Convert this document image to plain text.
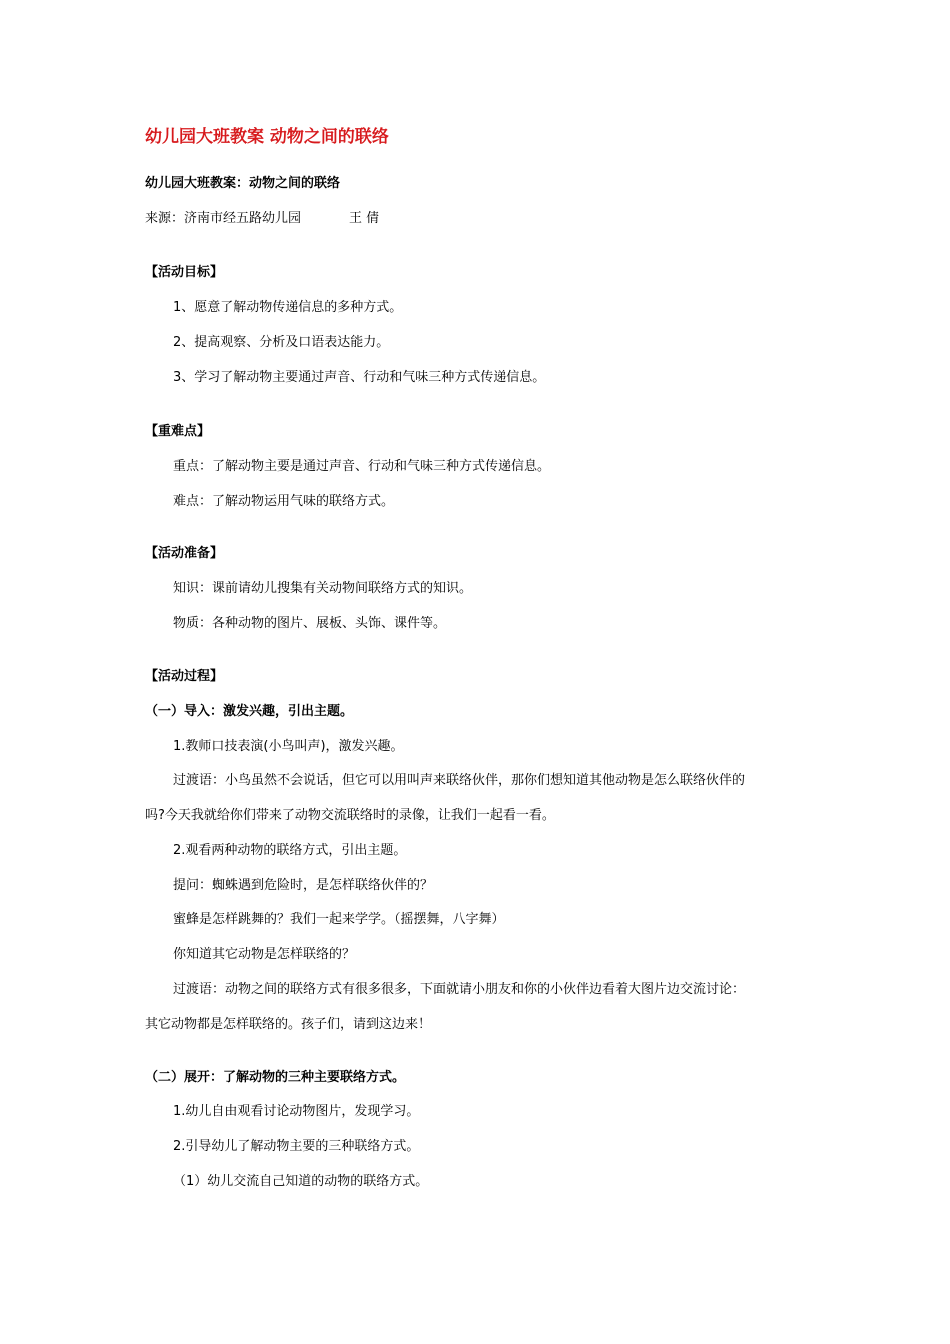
幼儿园大班教案 动物之间的联络
幼儿园大班教案：动物之间的联络
来源：济南市经五路幼儿园	王 倩
【活动目标】
1、愿意了解动物传递信息的多种方式。
2、提高观察、分析及口语表达能力。
3、学习了解动物主要通过声音、行动和气味三种方式传递信息。
【重难点】
重点：了解动物主要是通过声音、行动和气味三种方式传递信息。
难点：了解动物运用气味的联络方式。
【活动准备】
知识：课前请幼儿搜集有关动物间联络方式的知识。
物质：各种动物的图片、展板、头饰、课件等。
【活动过程】
（一）导入：激发兴趣，引出主题。
1.教师口技表演(小鸟叫声)，激发兴趣。
过渡语：小鸟虽然不会说话，但它可以用叫声来联络伙伴，那你们想知道其他动物是怎么联络伙伴的
吗?今天我就给你们带来了动物交流联络时的录像，让我们一起看一看。
2.观看两种动物的联络方式，引出主题。
提问：蜘蛛遇到危险时，是怎样联络伙伴的？
蜜蜂是怎样跳舞的？我们一起来学学。（摇摆舞，八字舞）
你知道其它动物是怎样联络的？
过渡语：动物之间的联络方式有很多很多，下面就请小朋友和你的小伙伴边看着大图片边交流讨论：
其它动物都是怎样联络的。孩子们，请到这边来！
（二）展开：了解动物的三种主要联络方式。
1.幼儿自由观看讨论动物图片，发现学习。
2.引导幼儿了解动物主要的三种联络方式。
（1）幼儿交流自己知道的动物的联络方式。
